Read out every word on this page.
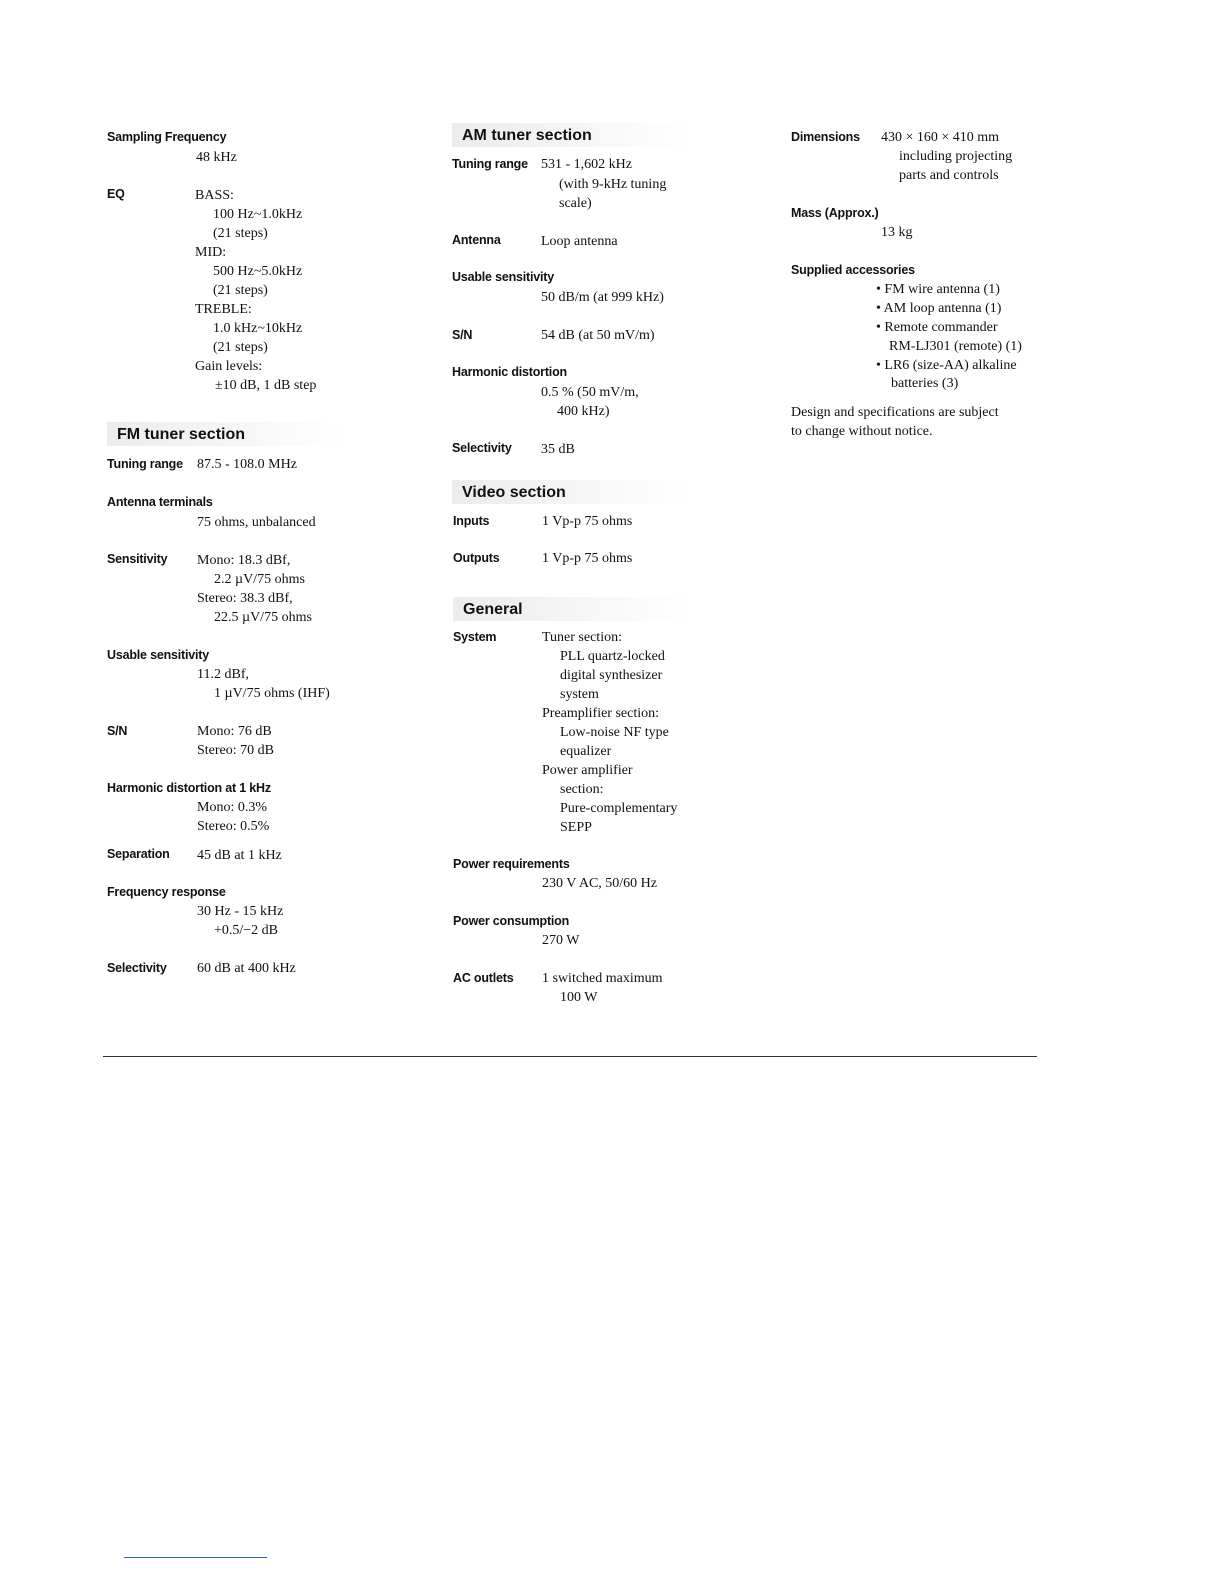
Sampling Frequency
48 kHz
EQ	BASS:
100 Hz~1.0kHz
(21 steps)
MID:
500 Hz~5.0kHz
(21 steps)
TREBLE:
1.0 kHz~10kHz
(21 steps)
Gain levels:
±10 dB, 1 dB step
FM tuner section
Tuning range 87.5 - 108.0 MHz
Antenna terminals
75 ohms, unbalanced
Sensitivity Mono: 18.3 dBf,
2.2 µV/75 ohms
Stereo: 38.3 dBf,
22.5 µV/75 ohms
Usable sensitivity
11.2 dBf,
1 µV/75 ohms (IHF)
S/N	Mono: 76 dB
Stereo: 70 dB
Harmonic distortion at 1 kHz
Mono: 0.3%
Stereo: 0.5%
Separation 45 dB at 1 kHz
Frequency response
30 Hz - 15 kHz
+0.5/−2 dB
Selectivity 60 dB at 400 kHz
AM tuner section
Tuning range 531 - 1,602 kHz
(with 9-kHz tuning
scale)
Antenna	Loop antenna
Usable sensitivity
50 dB/m (at 999 kHz)
S/N	54 dB (at 50 mV/m)
Harmonic distortion
0.5 % (50 mV/m,
400 kHz)
Selectivity 35 dB
Video section
Inputs	1 Vp-p 75 ohms
Outputs	1 Vp-p 75 ohms
General
System	Tuner section:
PLL quartz-locked
digital synthesizer
system
Preamplifier section:
Low-noise NF type
equalizer
Power amplifier
section:
Pure-complementary
SEPP
Power requirements
230 V AC, 50/60 Hz
Power consumption
270 W
AC outlets 1 switched maximum
100 W
Dimensions 430 × 160 × 410 mm
including projecting
parts and controls
Mass (Approx.)
13 kg
Supplied accessories
• FM wire antenna (1)
• AM loop antenna (1)
• Remote commander
RM-LJ301 (remote) (1)
• LR6 (size-AA) alkaline
batteries (3)
Design and specifications are subject
to change without notice.
